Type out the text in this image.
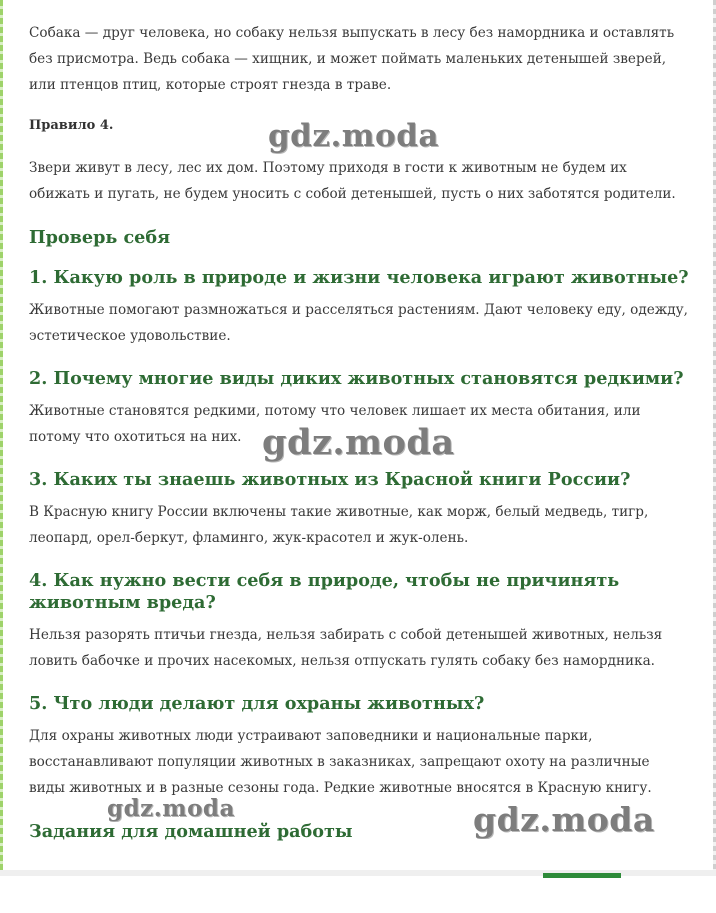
Собака — друг человека, но собаку нельзя выпускать в лесу без намордника и оставлять без присмотра. Ведь собака — хищник, и может поймать маленьких детенышей зверей, или птенцов птиц, которые строят гнезда в траве.

Правило 4.

Звери живут в лесу, лес их дом. Поэтому приходя в гости к животным не будем их обижать и пугать, не будем уносить с собой детенышей, пусть о них заботятся родители.

Проверь себя
1. Какую роль в природе и жизни человека играют животные?

Животные помогают размножаться и расселяться растениям. Дают человеку еду, одежду, эстетическое удовольствие.

2. Почему многие виды диких животных становятся редкими?

Животные становятся редкими, потому что человек лишает их места обитания, или потому что охотиться на них.

3. Каких ты знаешь животных из Красной книги России?

В Красную книгу России включены такие животные, как морж, белый медведь, тигр, леопард, орел-беркут, фламинго, жук-красотел и жук-олень.

4. Как нужно вести себя в природе, чтобы не причинять животным вреда?

Нельзя разорять птичьи гнезда, нельзя забирать с собой детенышей животных, нельзя ловить бабочке и прочих насекомых, нельзя отпускать гулять собаку без намордника.

5. Что люди делают для охраны животных?

Для охраны животных люди устраивают заповедники и национальные парки, восстанавливают популяции животных в заказниках, запрещают охоту на различные виды животных и в разные сезоны года. Редкие животные вносятся в Красную книгу.

Задания для домашней работы
gdz.moda
gdz.moda
gdz.moda	gdz.moda
